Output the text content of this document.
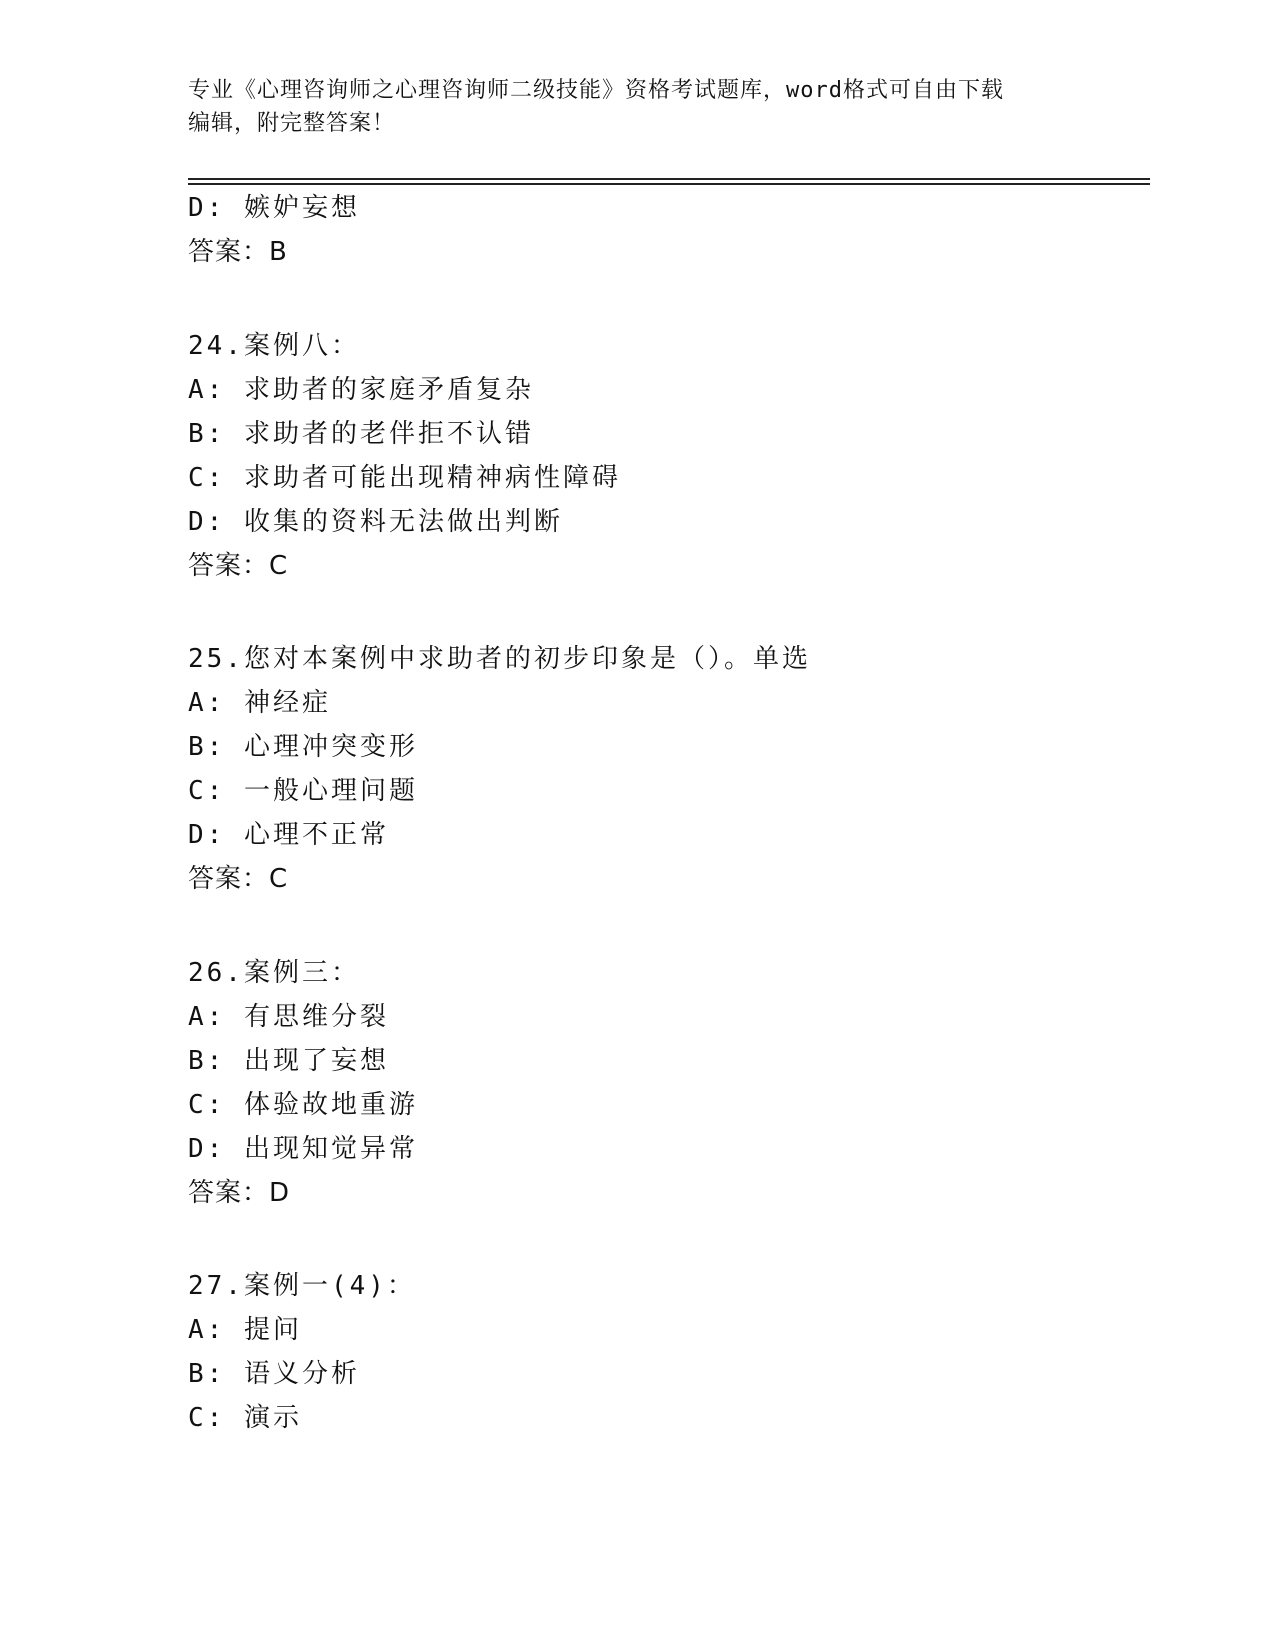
专业《心理咨询师之心理咨询师二级技能》资格考试题库，word格式可自由下载
编辑，附完整答案！
D: 嫉妒妄想
答案：B
24.案例八：
A: 求助者的家庭矛盾复杂
B: 求助者的老伴拒不认错
C: 求助者可能出现精神病性障碍
D: 收集的资料无法做出判断
答案：C
25.您对本案例中求助者的初步印象是（）。单选
A: 神经症
B: 心理冲突变形
C: 一般心理问题
D: 心理不正常
答案：C
26.案例三：
A: 有思维分裂
B: 出现了妄想
C: 体验故地重游
D: 出现知觉异常
答案：D
27.案例一(4)：
A: 提问
B: 语义分析
C: 演示
